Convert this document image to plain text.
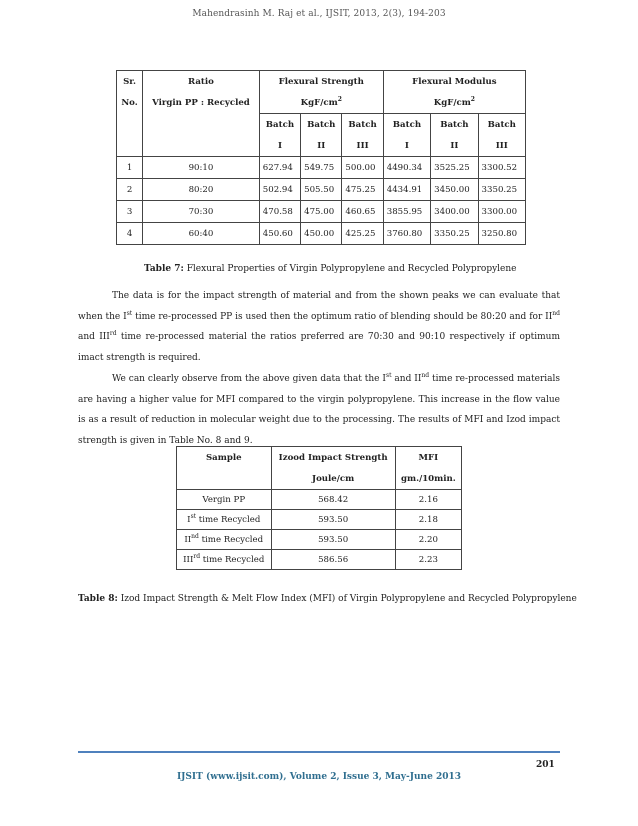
Mahendrasinh M. Raj et al., IJSIT, 2013, 2(3), 194-203
Sr.	Ratio	Flexural Strength			Flexural Modulus		
No.	Virgin PP : Recycled	KgF/$cm^2$			KgF/$cm^2$
		Batch	Batch	Batch	Batch	Batch	Batch
		I	II	III	I	II	III
1	90:10	627.94	549.75	500.00	4490.34	3525.25	3300.52
2	80:20	502.94	505.50	475.25	4434.91	3450.00	3350.25
3	70:30	470.58	475.00	460.65	3855.95	3400.00	3300.00
4	60:40	450.60	450.00	425.25	3760.80	3350.25	3250.80
Table 7: Flexural Properties of Virgin Polypropylene and Recycled Polypropylene

The data is for the impact strength of material and from the shown peaks we can evaluate that when the Ist time re-processed PP is used then the optimum ratio of blending should be 80:20 and for IInd and IIIrd time re-processed material the ratios preferred are 70:30 and 90:10 respectively if optimum imact strength is required.

We can clearly observe from the above given data that the Ist and IInd time re-processed materials are having a higher value for MFI compared to the virgin polypropylene. This increase in the flow value is as a result of reduction in molecular weight due to the processing. The results of MFI and Izod impact strength is given in Table No. 8 and 9.

Sample	Izood Impact Strength	MFI
	Joule/cm	gm./10min.
Vergin PP	568.42	2.16
Ist time Recycled	593.50	2.18
IInd time Recycled	593.50	2.20
IIIrd time Recycled	586.56	2.23
Table 8: Izod Impact Strength & Melt Flow Index (MFI) of Virgin Polypropylene and Recycled Polypropylene
201
IJSIT (www.ijsit.com), Volume 2, Issue 3, May-June 2013
